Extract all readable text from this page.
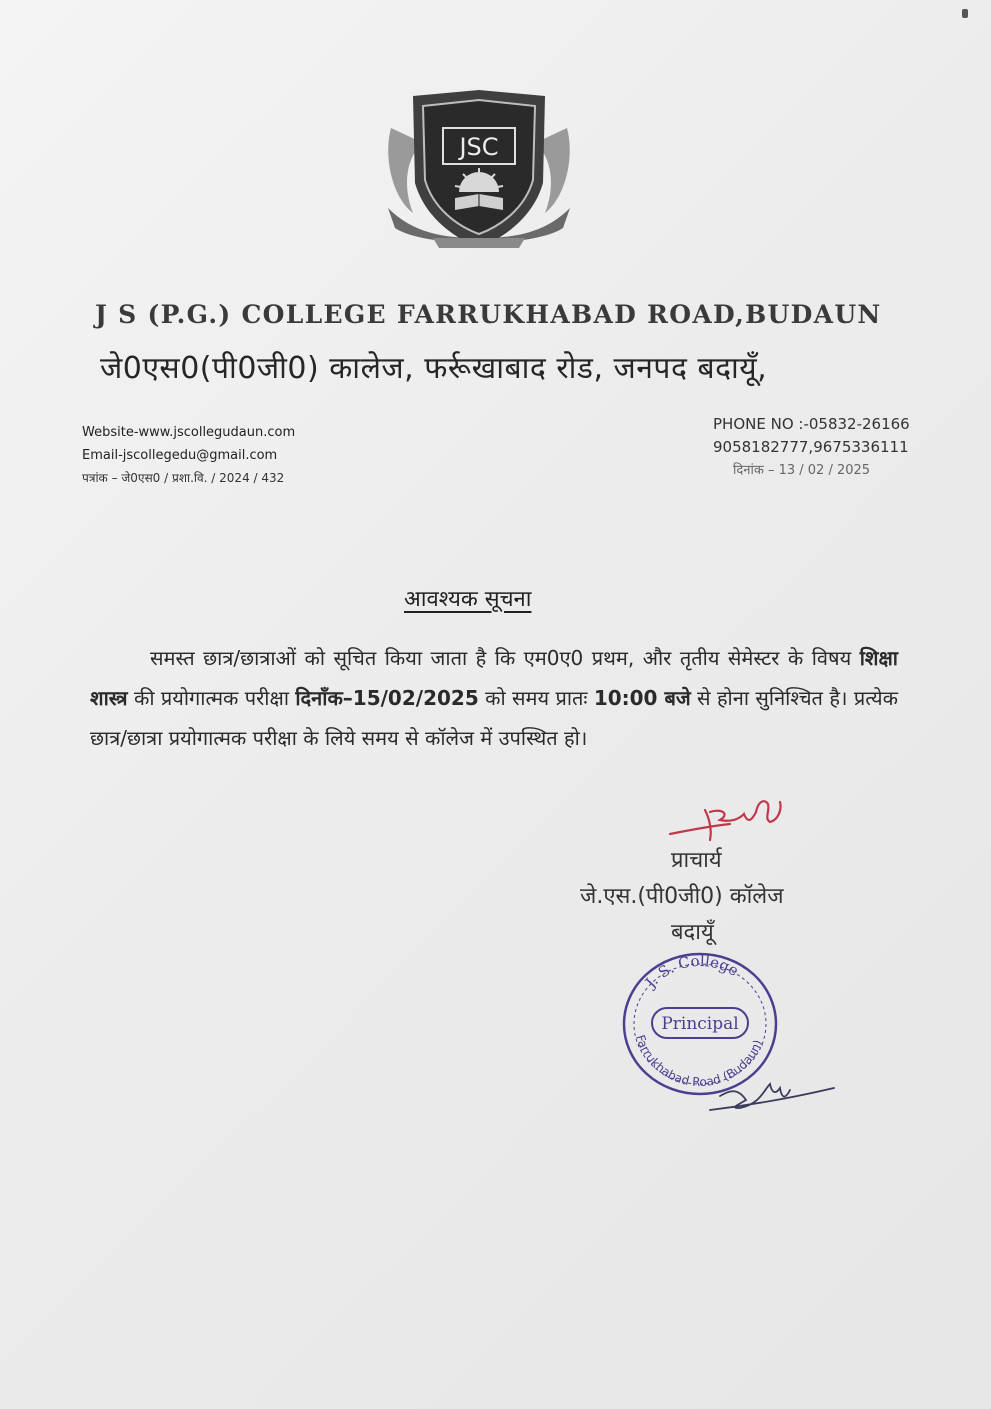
JSC
J S (P.G.) COLLEGE FARRUKHABAD ROAD,BUDAUN
जे0एस0(पी0जी0) कालेज, फर्रूखाबाद रोड, जनपद बदायूँ,
Website-www.jscollegudaun.com
Email-jscollegedu@gmail.com
पत्रांक – जे0एस0 / प्रशा.वि. / 2024 / 432
PHONE NO :-05832-26166
9058182777,9675336111
दिनांक – 13 / 02 / 2025
आवश्यक सूचना
समस्त छात्र/छात्राओं को सूचित किया जाता है कि एम0ए0 प्रथम, और तृतीय सेमेस्टर के विषय शिक्षा शास्त्र की प्रयोगात्मक परीक्षा दिनाँक–15/02/2025 को समय प्रातः 10:00 बजे से होना सुनिश्चित है। प्रत्येक छात्र/छात्रा प्रयोगात्मक परीक्षा के लिये समय से कॉलेज में उपस्थित हो।
प्राचार्य
जे.एस.(पी0जी0) कॉलेज
बदायूँ
J. S. College
Farrukhabad Road (Budaun)
Principal
